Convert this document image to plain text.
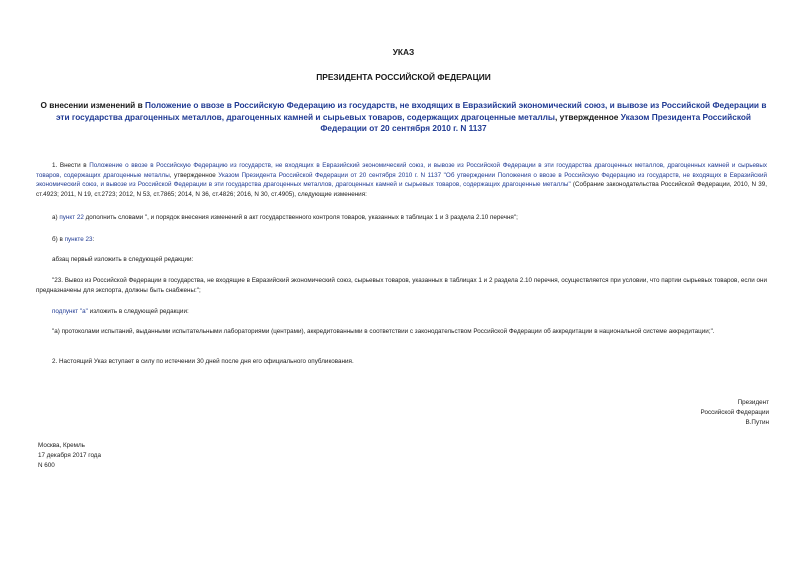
УКАЗ
ПРЕЗИДЕНТА РОССИЙСКОЙ ФЕДЕРАЦИИ
О внесении изменений в Положение о ввозе в Российскую Федерацию из государств, не входящих в Евразийский экономический союз, и вывозе из Российской Федерации в эти государства драгоценных металлов, драгоценных камней и сырьевых товаров, содержащих драгоценные металлы, утвержденное Указом Президента Российской Федерации от 20 сентября 2010 г. N 1137
1. Внести в Положение о ввозе в Российскую Федерацию из государств, не входящих в Евразийский экономический союз, и вывозе из Российской Федерации в эти государства драгоценных металлов, драгоценных камней и сырьевых товаров, содержащих драгоценные металлы, утвержденное Указом Президента Российской Федерации от 20 сентября 2010 г. N 1137 "Об утверждении Положения о ввозе в Российскую Федерацию из государств, не входящих в Евразийский экономический союз, и вывозе из Российской Федерации в эти государства драгоценных металлов, драгоценных камней и сырьевых товаров, содержащих драгоценные металлы" (Собрание законодательства Российской Федерации, 2010, N 39, ст.4923; 2011, N 19, ст.2723; 2012, N 53, ст.7865; 2014, N 36, ст.4826; 2016, N 30, ст.4905), следующие изменения:
а) пункт 22 дополнить словами ", и порядок внесения изменений в акт государственного контроля товаров, указанных в таблицах 1 и 3 раздела 2.10 перечня";
б) в пункте 23:
абзац первый изложить в следующей редакции:
"23. Вывоз из Российской Федерации в государства, не входящие в Евразийский экономический союз, сырьевых товаров, указанных в таблицах 1 и 2 раздела 2.10 перечня, осуществляется при условии, что партии сырьевых товаров, если они предназначены для экспорта, должны быть снабжены:";
подпункт "а" изложить в следующей редакции:
"а) протоколами испытаний, выданными испытательными лабораториями (центрами), аккредитованными в соответствии с законодательством Российской Федерации об аккредитации в национальной системе аккредитации;".
2. Настоящий Указ вступает в силу по истечении 30 дней после дня его официального опубликования.
Президент
Российской Федерации
В.Путин
Москва, Кремль
17 декабря 2017 года
N 600
